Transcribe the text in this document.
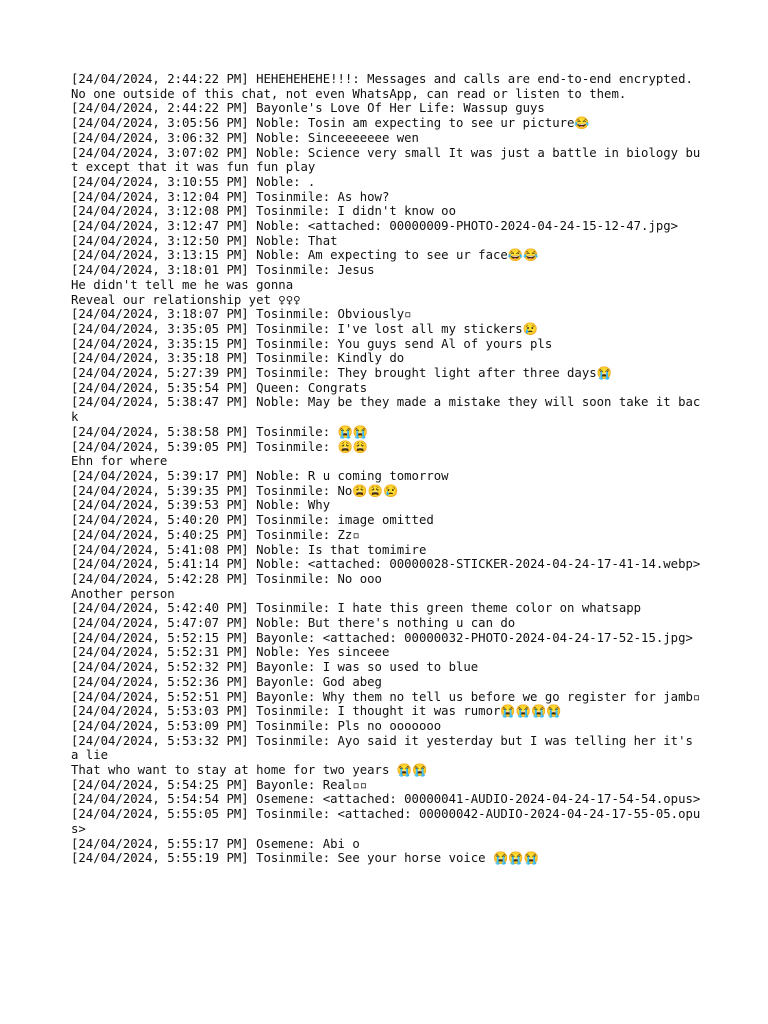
[24/04/2024, 2:44:22 PM] HEHEHEHEHE!!!: Messages and calls are end-to-end encrypted. No one outside of this chat, not even WhatsApp, can read or listen to them.

[24/04/2024, 2:44:22 PM] Bayonle's Love Of Her Life: Wassup guys

[24/04/2024, 3:05:56 PM] Noble: Tosin am expecting to see ur picture😂

[24/04/2024, 3:06:32 PM] Noble: Sinceeeeeee wen

[24/04/2024, 3:07:02 PM] Noble: Science very small It was just a battle in biology but except that it was fun fun play

[24/04/2024, 3:10:55 PM] Noble: .

[24/04/2024, 3:12:04 PM] Tosinmile: As how?

[24/04/2024, 3:12:08 PM] Tosinmile: I didn't know oo

[24/04/2024, 3:12:47 PM] Noble: <attached: 00000009-PHOTO-2024-04-24-15-12-47.jpg>

[24/04/2024, 3:12:50 PM] Noble: That

[24/04/2024, 3:13:15 PM] Noble: Am expecting to see ur face😂😂

[24/04/2024, 3:18:01 PM] Tosinmile: Jesus

He didn't tell me he was gonna

Reveal our relationship yet ♀♀♀

[24/04/2024, 3:18:07 PM] Tosinmile: Obviously▫

[24/04/2024, 3:35:05 PM] Tosinmile: I've lost all my stickers😢

[24/04/2024, 3:35:15 PM] Tosinmile: You guys send Al of yours pls

[24/04/2024, 3:35:18 PM] Tosinmile: Kindly do

[24/04/2024, 5:27:39 PM] Tosinmile: They brought light after three days😭

[24/04/2024, 5:35:54 PM] Queen: Congrats

[24/04/2024, 5:38:47 PM] Noble: May be they made a mistake they will soon take it back

[24/04/2024, 5:38:58 PM] Tosinmile: 😭😭

[24/04/2024, 5:39:05 PM] Tosinmile: 😩😩

Ehn for where

[24/04/2024, 5:39:17 PM] Noble: R u coming tomorrow

[24/04/2024, 5:39:35 PM] Tosinmile: No😩😩😢

[24/04/2024, 5:39:53 PM] Noble: Why

[24/04/2024, 5:40:20 PM] Tosinmile: image omitted

[24/04/2024, 5:40:25 PM] Tosinmile: Zz▫

[24/04/2024, 5:41:08 PM] Noble: Is that tomimire

[24/04/2024, 5:41:14 PM] Noble: <attached: 00000028-STICKER-2024-04-24-17-41-14.webp>

[24/04/2024, 5:42:28 PM] Tosinmile: No ooo

Another person

[24/04/2024, 5:42:40 PM] Tosinmile: I hate this green theme color on whatsapp

[24/04/2024, 5:47:07 PM] Noble: But there's nothing u can do

[24/04/2024, 5:52:15 PM] Bayonle: <attached: 00000032-PHOTO-2024-04-24-17-52-15.jpg>

[24/04/2024, 5:52:31 PM] Noble: Yes sinceee

[24/04/2024, 5:52:32 PM] Bayonle: I was so used to blue

[24/04/2024, 5:52:36 PM] Bayonle: God abeg

[24/04/2024, 5:52:51 PM] Bayonle: Why them no tell us before we go register for jamb▫

[24/04/2024, 5:53:03 PM] Tosinmile: I thought it was rumor😭😭😭😭

[24/04/2024, 5:53:09 PM] Tosinmile: Pls no ooooooo

[24/04/2024, 5:53:32 PM] Tosinmile: Ayo said it yesterday but I was telling her it's a lie

That who want to stay at home for two years 😭😭

[24/04/2024, 5:54:25 PM] Bayonle: Real▫▫

[24/04/2024, 5:54:54 PM] Osemene: <attached: 00000041-AUDIO-2024-04-24-17-54-54.opus>

[24/04/2024, 5:55:05 PM] Tosinmile: <attached: 00000042-AUDIO-2024-04-24-17-55-05.opus>

[24/04/2024, 5:55:17 PM] Osemene: Abi o

[24/04/2024, 5:55:19 PM] Tosinmile: See your horse voice 😭😭😭
